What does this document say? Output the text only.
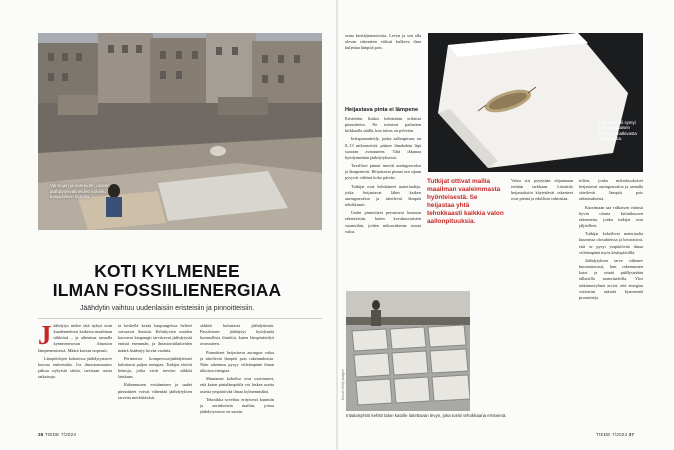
Vahvojen ja karkeiden uusien jäähdytysvälineiden kokeilu kaupunkien katoilla.
KOTI KYLMENEE
ILMAN FOSSIILIENERGIAA

Jäähdytin vaihtuu uudenlaisiin eristeisiin ja pinnoitteisiin.

J äähdytys nielee tätä nykyä noin kuudenneksen kaikesta maailman sähköstä – ja aiheuttaa samalla kymmenesosan ilmaston lämpenemisestä. Määrä kasvaa nopeasti.

Lämpötilojen kohotessa jäähdytystarve kasvaa entisestään. Jos ilmastonmuutos jatkuu nykyistä tahtia, tarvitaan uusia ratkaisuja.

ta keskellä kesää kaupungeissa helteet vaivaavat ihmisiä. Kehittyvien maiden kasvavat kaupungit tarvitsevat jäähdytystä entistä enemmän, ja ilmastointilaitteiden määrä lisääntyy kovaa vauhtia.

Perinteiset kompressorijäähdyttimet kuluttavat paljon energiaa. Tutkijat etsivät keinoja, jotka eivät tarvitse sähköä lainkaan.

Rakennusten eristäminen ja uudet pinnoitteet voivat vähentää jäähdytyksen tarvetta merkittävästi.

sähköä kuluttavia jäähdyttimiä. Passiivinen jäähdytys hyödyntää luonnollisia ilmiöitä, kuten lämpösäteilyä avaruuteen.

Pinnoitteet heijastavat auringon valoa ja säteilevät lämpöä pois rakennuksista. Näin rakennus pysyy viileämpänä ilman ulkoista energiaa.

Muutamat kokeilut ovat osoittaneet, että katon pintalämpötila voi laskea useita asteita ympäröivää ilmaa kylmemmäksi.

Tekniikka soveltuu erityisesti kuumiin ja aurinkoisiin maihin, joissa jäähdytystarve on suurin.

senta kiertäjärmasivista. Levyn ja sen alla olevan rakenteen välissä kulkeva ilma kuljettaa lämpöä pois.

Heijastava pinta ei lämpene

Eristeiden lisäksi kehitetään erilaisia pinnoitteita. Ne toimivat parhaiten kirkkaalla säällä, kun taivas on pilvetön.

Infrapunasäteily, jonka aallonpituus on 8–13 mikrometriä, pääsee ilmakehän läpi suoraan avaruuteen. Tätä ikkunaa hyödynnetään jäähdytyksessä.

Tavalliset pinnat imevät auringonvaloa ja lämpenevät. Heijastavat pinnat sen sijaan pysyvät viileinä koko päivän.

Tutkijat ovat kehittäneet materiaaleja, jotka heijastavat lähes kaiken auringonvalon ja säteilevät lämpöä tehokkaasti.

Uudet pinnoitteet perustuvat luonnon rakenteisiin, kuten kovakuoriaisten suomuihin, joiden mikrorakenne siroaa valoa.

36 TIEDE 7/2024
Viilentävä tiili syntyi koppakuoriaisen suomuja matkivasta rakenteesta.

Tutkijat ottivat mallia maailman vaaleimmasta hyönteisestä. Se heijastaa yhtä tehokkaasti kaikkia valon aallonpituuksia.

Valoa siis pystytään ohjaamaan erittäin tarkkaan. Läsnäolo heijastuksiin käytettävät rakenteet ovat pieniä ja edullisia valmistaa.

tiilien, jonka mikrohuokoiset heijastavat auringonvaloa ja samalla säteilevät lämpöä pois rakennuksesta.

Kuorimaan saa valkoisen värinsä hyvin ohutta kitiinikuoren rakennetta, jonka tutkijat ovat jäljitelleet.

Tutkijat kokeilivat materiaalia kuumissa olosuhteissa ja havaitsivat, että se pysyi ympäröivää ilmaa viileämpänä myös keskipäivällä.

Jäähdytyksen tarve vähenee huomattavasti, kun rakennusten katot ja seinät päällystetään tällaisilla materiaaleilla. Yksi tutkimusryhmä arvioi, että energiaa voitaisiin säästää kymmeniä prosentteja.

Kuvat: Getty Images

Intialaisyhtiö kehitti talon katolle laitettavan levyn, joka toimii tehokkaana eristeenä.

TIEDE 7/2024 37
